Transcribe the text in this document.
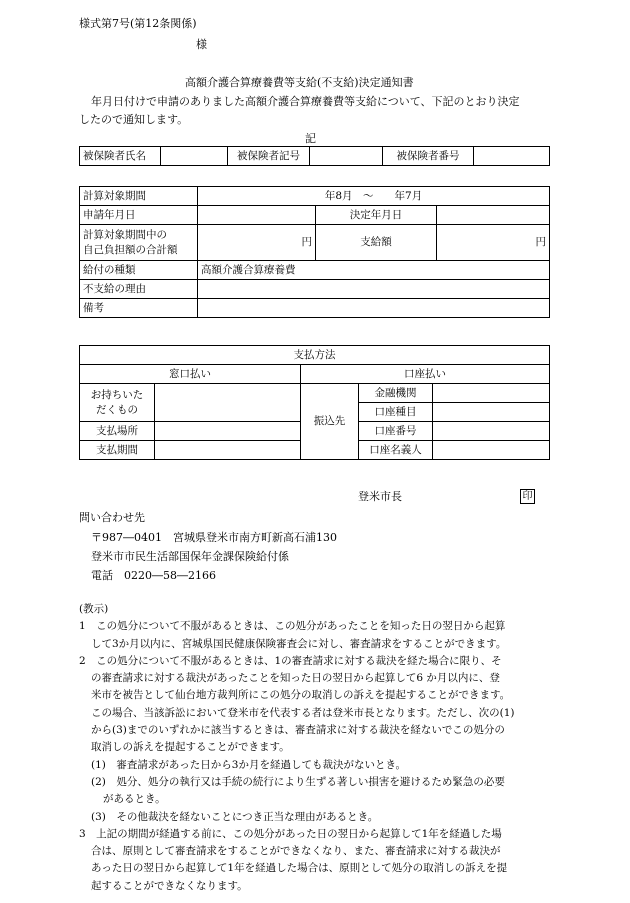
様式第7号(第12条関係)
様
高額介護合算療養費等支給(不支給)決定通知書
年月日付けで申請のありました高額介護合算療養費等支給について、下記のとおり決定
したので通知します。
記
被保険者氏名		被保険者記号		被保険者番号	
計算対象期間	年8月　～　　年7月		
申請年月日		決定年月日	

計算対象期間中の
自己負担額の合計額	円	支給額	円
給付の種類	高額介護合算療養費		
不支給の理由			
備考			
支払方法				
窓口払い		口座払い		

お持ちいた
だくもの		振込先	金融機関	
			口座種目	
支払場所			口座番号	
支払期間			口座名義人	
登米市長	印
問い合わせ先
〒987―0401　宮城県登米市南方町新高石浦130
登米市市民生活部国保年金課保険給付係
電話　0220―58―2166
(教示)
1　この処分について不服があるときは、この処分があったことを知った日の翌日から起算
して3か月以内に、宮城県国民健康保険審査会に対し、審査請求をすることができます。
2　この処分について不服があるときは、1の審査請求に対する裁決を経た場合に限り、そ
の審査請求に対する裁決があったことを知った日の翌日から起算して6 か月以内に、登
米市を被告として仙台地方裁判所にこの処分の取消しの訴えを提起することができます。
この場合、当該訴訟において登米市を代表する者は登米市長となります。ただし、次の(1)
から(3)までのいずれかに該当するときは、審査請求に対する裁決を経ないでこの処分の
取消しの訴えを提起することができます。
(1)　審査請求があった日から3か月を経過しても裁決がないとき。
(2)　処分、処分の執行又は手続の続行により生ずる著しい損害を避けるため緊急の必要
があるとき。
(3)　その他裁決を経ないことにつき正当な理由があるとき。
3　上記の期間が経過する前に、この処分があった日の翌日から起算して1年を経過した場
合は、原則として審査請求をすることができなくなり、また、審査請求に対する裁決が
あった日の翌日から起算して1年を経過した場合は、原則として処分の取消しの訴えを提
起することができなくなります。
